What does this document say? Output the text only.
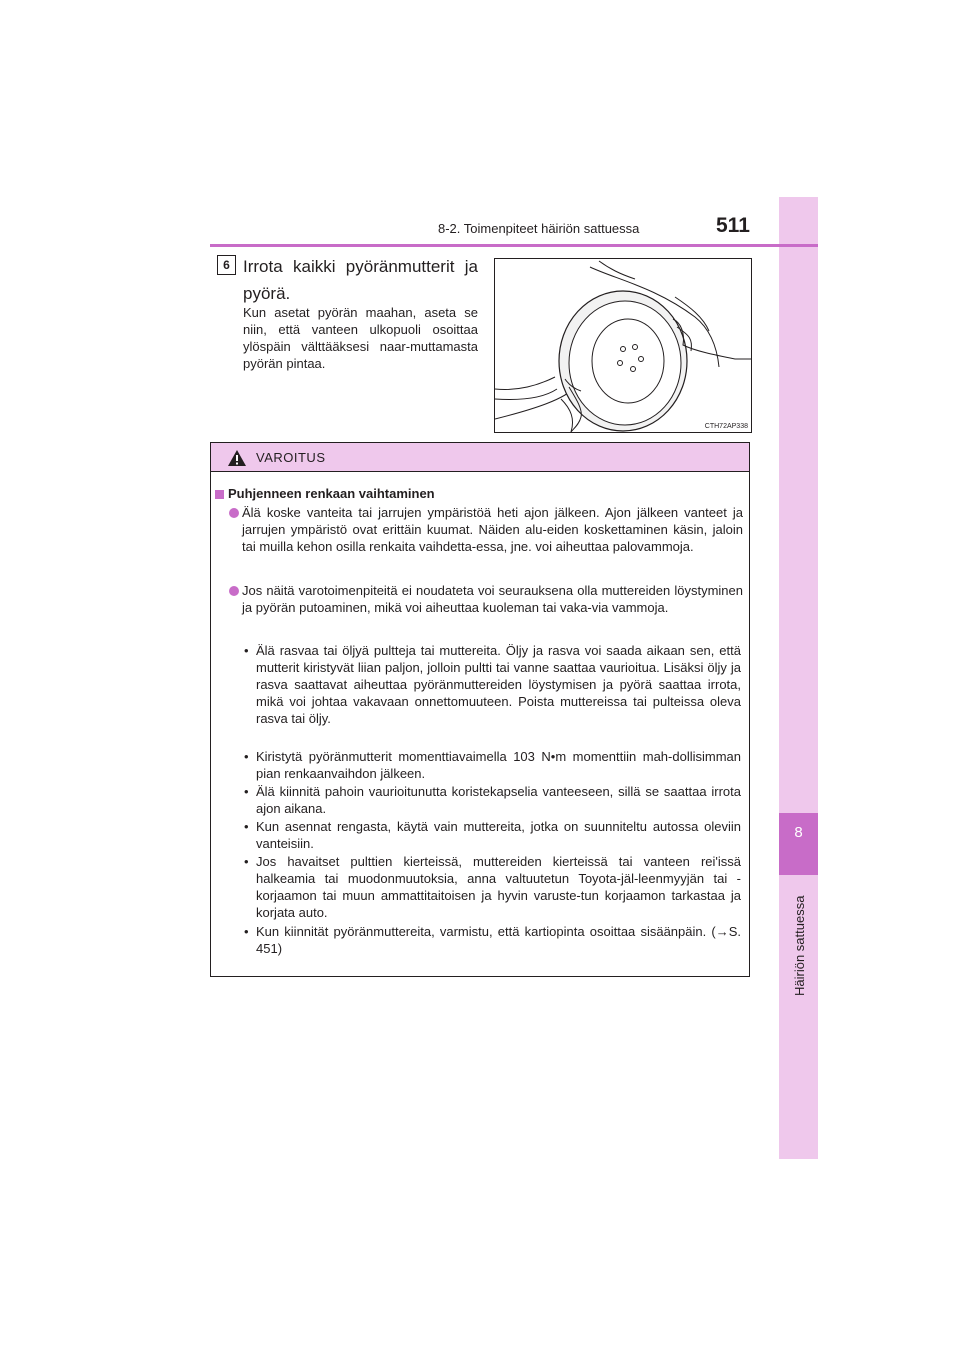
8
Häiriön sattuessa
8-2. Toimenpiteet häiriön sattuessa	511
6 Irrota kaikki pyöränmutterit ja pyörä.
Kun asetat pyörän maahan, aseta se niin, että vanteen ulkopuoli osoittaa ylöspäin välttääksesi naar-muttamasta pyörän pintaa.
CTH72AP338
VAROITUS
Puhjenneen renkaan vaihtaminen
Älä koske vanteita tai jarrujen ympäristöä heti ajon jälkeen. Ajon jälkeen vanteet ja jarrujen ympäristö ovat erittäin kuumat. Näiden alu-eiden koskettaminen käsin, jaloin tai muilla kehon osilla renkaita vaihdetta-essa, jne. voi aiheuttaa palovammoja.
Jos näitä varotoimenpiteitä ei noudateta voi seurauksena olla muttereiden löystyminen ja pyörän putoaminen, mikä voi aiheuttaa kuoleman tai vaka-via vammoja.
• Älä rasvaa tai öljyä pultteja tai muttereita. Öljy ja rasva voi saada aikaan sen, että mutterit kiristyvät liian paljon, jolloin pultti tai vanne saattaa vaurioitua. Lisäksi öljy ja rasva saattavat aiheuttaa pyöränmuttereiden löystymisen ja pyörä saattaa irrota, mikä voi johtaa vakavaan onnettomuuteen. Poista muttereissa tai pulteissa oleva rasva tai öljy.
• Kiristytä pyöränmutterit momenttiavaimella 103 N•m momenttiin mah-dollisimman pian renkaanvaihdon jälkeen.
• Älä kiinnitä pahoin vaurioitunutta koristekapselia vanteeseen, sillä se saattaa irrota ajon aikana.
• Kun asennat rengasta, käytä vain muttereita, jotka on suunniteltu autossa oleviin vanteisiin.
• Jos havaitset pulttien kierteissä, muttereiden kierteissä tai vanteen rei'issä halkeamia tai muodonmuutoksia, anna valtuutetun Toyota-jäl-leenmyyjän tai -korjaamon tai muun ammattitaitoisen ja hyvin varuste-tun korjaamon tarkastaa ja korjata auto.
• Kun kiinnität pyöränmuttereita, varmistu, että kartiopinta osoittaa sisäänpäin. (→S. 451)
